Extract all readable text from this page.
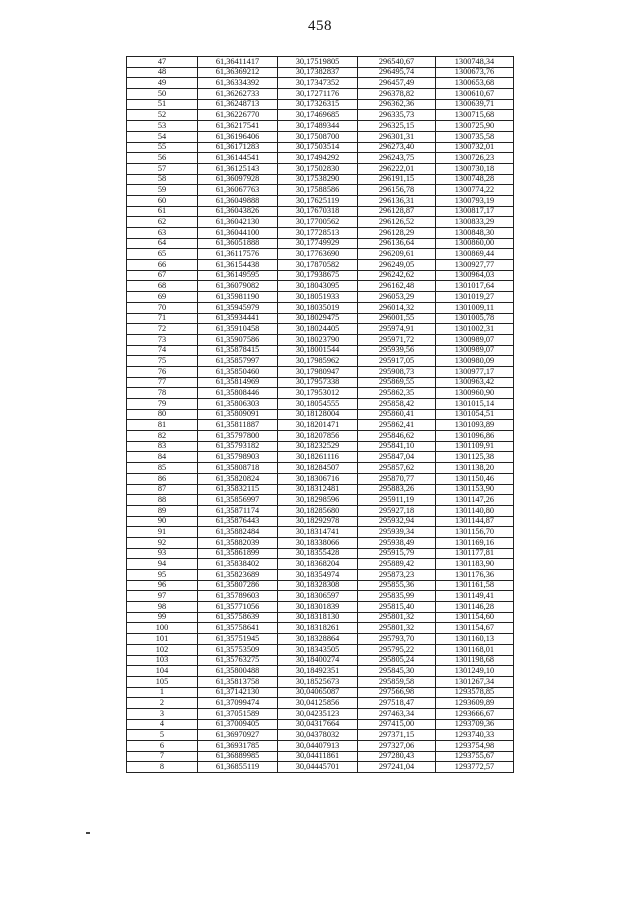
458
47	61,36411417	30,17519805	296540,67	1300748,34
48	61,36369212	30,17382837	296495,74	1300673,76
49	61,36334392	30,17347352	296457,49	1300653,68
50	61,36262733	30,17271176	296378,82	1300610,67
51	61,36248713	30,17326315	296362,36	1300639,71
52	61,36226770	30,17469685	296335,73	1300715,68
53	61,36217541	30,17489344	296325,15	1300725,90
54	61,36196406	30,17508700	296301,31	1300735,58
55	61,36171283	30,17503514	296273,40	1300732,01
56	61,36144541	30,17494292	296243,75	1300726,23
57	61,36125143	30,17502830	296222,01	1300730,18
58	61,36097928	30,17538290	296191,15	1300748,28
59	61,36067763	30,17588586	296156,78	1300774,22
60	61,36049888	30,17625119	296136,31	1300793,19
61	61,36043826	30,17670318	296128,87	1300817,17
62	61,36042130	30,17700562	296126,52	1300833,29
63	61,36044100	30,17728513	296128,29	1300848,30
64	61,36051888	30,17749929	296136,64	1300860,00
65	61,36117576	30,17763690	296209,61	1300869,44
66	61,36154438	30,17870582	296249,05	1300927,77
67	61,36149595	30,17938675	296242,62	1300964,03
68	61,36079082	30,18043095	296162,48	1301017,64
69	61,35981190	30,18051933	296053,29	1301019,27
70	61,35945979	30,18035019	296014,32	1301009,11
71	61,35934441	30,18029475	296001,55	1301005,78
72	61,35910458	30,18024405	295974,91	1301002,31
73	61,35907586	30,18023790	295971,72	1300989,07
74	61,35878415	30,18001544	295939,56	1300989,07
75	61,35857997	30,17985962	295917,05	1300980,09
76	61,35850460	30,17980947	295908,73	1300977,17
77	61,35814969	30,17957338	295869,55	1300963,42
78	61,35808446	30,17953012	295862,35	1300960,90
79	61,35806303	30,18054555	295858,42	1301015,14
80	61,35809091	30,18128004	295860,41	1301054,51
81	61,35811887	30,18201471	295862,41	1301093,89
82	61,35797800	30,18207856	295846,62	1301096,86
83	61,35793182	30,18232529	295841,10	1301109,91
84	61,35798903	30,18261116	295847,04	1301125,38
85	61,35808718	30,18284507	295857,62	1301138,20
86	61,35820824	30,18306716	295870,77	1301150,46
87	61,35832115	30,18312481	295883,26	1301153,90
88	61,35856997	30,18298596	295911,19	1301147,26
89	61,35871174	30,18285680	295927,18	1301140,80
90	61,35876443	30,18292978	295932,94	1301144,87
91	61,35882484	30,18314741	295939,34	1301156,70
92	61,35882039	30,18338066	295938,49	1301169,16
93	61,35861899	30,18355428	295915,79	1301177,81
94	61,35838402	30,18368204	295889,42	1301183,90
95	61,35823689	30,18354974	295873,23	1301176,36
96	61,35807286	30,18328308	295855,36	1301161,58
97	61,35789603	30,18306597	295835,99	1301149,41
98	61,35771056	30,18301839	295815,40	1301146,28
99	61,35758639	30,18318130	295801,32	1301154,60
100	61,35758641	30,18318261	295801,32	1301154,67
101	61,35751945	30,18328864	295793,70	1301160,13
102	61,35753509	30,18343505	295795,22	1301168,01
103	61,35763275	30,18400274	295805,24	1301198,68
104	61,35800488	30,18492351	295845,30	1301249,10
105	61,35813758	30,18525673	295859,58	1301267,34
1	61,37142130	30,04065087	297566,98	1293578,85
2	61,37099474	30,04125856	297518,47	1293609,89
3	61,37051589	30,04235123	297463,34	1293666,67
4	61,37009405	30,04317664	297415,00	1293709,36
5	61,36970927	30,04378032	297371,15	1293740,33
6	61,36931785	30,04407913	297327,06	1293754,98
7	61,36889985	30,04411861	297280,43	1293755,67
8	61,36855119	30,04445701	297241,04	1293772,57
